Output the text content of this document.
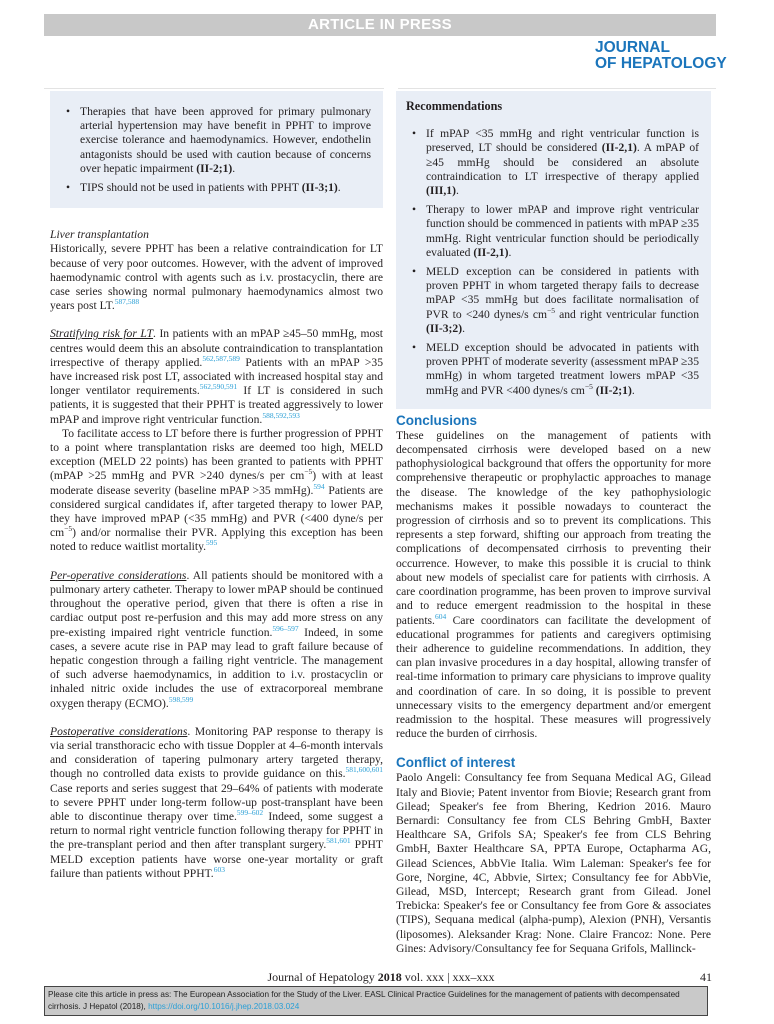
ARTICLE IN PRESS
JOURNAL
OF HEPATOLOGY
• Therapies that have been approved for primary pulmonary arterial hypertension may have benefit in PPHT to improve exercise tolerance and haemodynamics. However, endothelin antagonists should be used with caution because of concerns over hepatic impairment (II-2;1).
• TIPS should not be used in patients with PPHT (II-3;1).
Liver transplantation

Historically, severe PPHT has been a relative contraindication for LT because of very poor outcomes. However, with the advent of improved haemodynamic control with agents such as i.v. prostacyclin, there are case series showing normal pulmonary haemodynamics almost two years post LT.$^{587,588}$

Stratifying risk for LT. In patients with an mPAP ≥45–50 mmHg, most centres would deem this an absolute contraindication to transplantation irrespective of therapy applied.$^{562,587,589}$ Patients with an mPAP >35 have increased risk post LT, associated with increased hospital stay and longer ventilator requirements.$^{562,590,591}$ If LT is considered in such patients, it is suggested that their PPHT is treated aggressively to lower mPAP and improve right ventricular function.$^{588,592,593}$

To facilitate access to LT before there is further progression of PPHT to a point where transplantation risks are deemed too high, MELD exception (MELD 22 points) has been granted to patients with PPHT (mPAP >25 mmHg and PVR >240 dynes/s per $cm^{-5}$) with at least moderate disease severity (baseline mPAP >35 mmHg).$^{594}$ Patients are considered surgical candidates if, after targeted therapy to lower PAP, they have improved mPAP (<35 mmHg) and PVR (<400 dyne/s per $cm^{-5}$) and/or normalise their PVR. Applying this exception has been noted to reduce waitlist mortality.$^{595}$

Per-operative considerations. All patients should be monitored with a pulmonary artery catheter. Therapy to lower mPAP should be continued throughout the operative period, given that there is often a rise in cardiac output post re-perfusion and this may add more stress on any pre-existing impaired right ventricle function.$^{596-597}$ Indeed, in some cases, a severe acute rise in PAP may lead to graft failure because of hepatic congestion through a failing right ventricle. The management of such adverse haemodynamics, in addition to i.v. prostacyclin or inhaled nitric oxide includes the use of extracorporeal membrane oxygen therapy (ECMO).$^{598,599}$

Postoperative considerations. Monitoring PAP response to therapy is via serial transthoracic echo with tissue Doppler at 4–6-month intervals and consideration of tapering pulmonary artery targeted therapy, though no controlled data exists to provide guidance on this.$^{581,600,601}$ Case reports and series suggest that 29–64% of patients with moderate to severe PPHT under long-term follow-up post-transplant have been able to discontinue therapy over time.$^{599-602}$ Indeed, some suggest a return to normal right ventricle function following therapy for PPHT in the pre-transplant period and then after transplant surgery.$^{581,601}$ PPHT MELD exception patients have worse one-year mortality or graft failure than patients without PPHT.$^{603}$

Recommendations
• If mPAP <35 mmHg and right ventricular function is preserved, LT should be considered (II-2,1). A mPAP of ≥45 mmHg should be considered an absolute contraindication to LT irrespective of therapy applied (III,1).
• Therapy to lower mPAP and improve right ventricular function should be commenced in patients with mPAP ≥35 mmHg. Right ventricular function should be periodically evaluated (II-2,1).
• MELD exception can be considered in patients with proven PPHT in whom targeted therapy fails to decrease mPAP <35 mmHg but does facilitate normalisation of PVR to <240 dynes/s $cm^{-5}$ and right ventricular function (II-3;2).
• MELD exception should be advocated in patients with proven PPHT of moderate severity (assessment mPAP ≥35 mmHg) in whom targeted treatment lowers mPAP <35 mmHg and PVR <400 dynes/s $cm^{-5}$ (II-2;1).
Conclusions

These guidelines on the management of patients with decompensated cirrhosis were developed based on a new pathophysiological background that offers the opportunity for more comprehensive therapeutic or prophylactic approaches to manage the disease. The knowledge of the key pathophysiologic mechanisms makes it possible nowadays to counteract the progression of cirrhosis and so to prevent its complications. This represents a step forward, shifting our approach from treating the complications of decompensated cirrhosis to preventing their occurrence. However, to make this possible it is crucial to think about new models of specialist care for patients with cirrhosis. A care coordination programme, has been proven to improve survival and to reduce emergent readmission to the hospital in these patients.$^{604}$ Care coordinators can facilitate the development of educational programmes for patients and caregivers optimising their adherence to guideline recommendations. In addition, they can plan invasive procedures in a day hospital, allowing transfer of real-time information to primary care physicians to improve quality and coordination of care. In so doing, it is possible to prevent unnecessary visits to the emergency department and/or emergent readmission to the hospital. These measures will progressively reduce the burden of cirrhosis.

Conflict of interest

Paolo Angeli: Consultancy fee from Sequana Medical AG, Gilead Italy and Biovie; Patent inventor from Biovie; Research grant from Gilead; Speaker's fee from Bhering, Kedrion 2016. Mauro Bernardi: Consultancy fee from CLS Behring GmbH, Baxter Healthcare SA, Grifols SA; Speaker's fee from CLS Behring GmbH, Baxter Healthcare SA, PPTA Europe, Octapharma AG, Gilead Sciences, AbbVie Italia. Wim Laleman: Speaker's fee for Gore, Norgine, 4C, Abbvie, Sirtex; Consultancy fee for AbbVie, Gilead, MSD, Intercept; Research grant from Gilead. Jonel Trebicka: Speaker's fee or Consultancy fee from Gore & associates (TIPS), Sequana medical (alpha-pump), Alexion (PNH), Versantis (liposomes). Aleksander Krag: None. Claire Francoz: None. Pere Gines: Advisory/Consultancy fee for Sequana Grifols, Mallinck-

Journal of Hepatology 2018 vol. xxx | xxx–xxx	41
Please cite this article in press as: The European Association for the Study of the Liver. EASL Clinical Practice Guidelines for the management of patients with decompensated cirrhosis. J Hepatol (2018), https://doi.org/10.1016/j.jhep.2018.03.024
